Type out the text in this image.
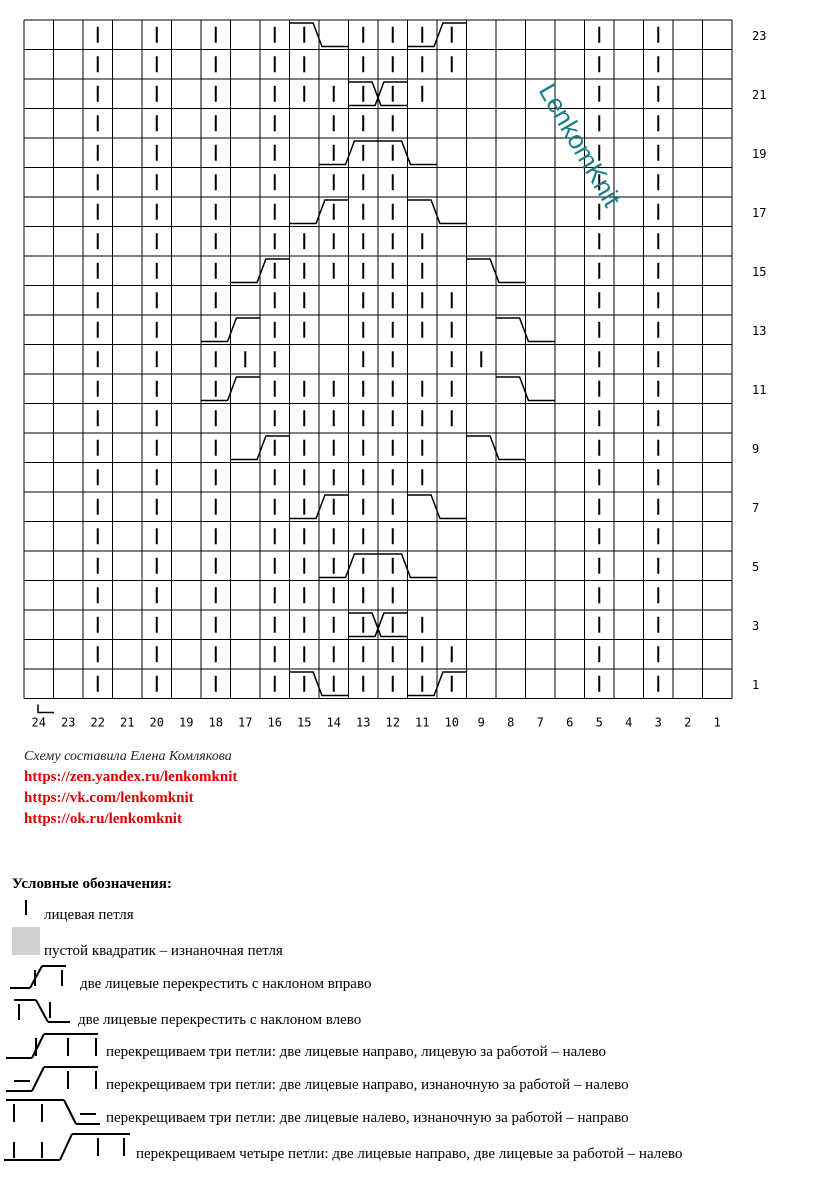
1
3
5
7
9
11
13
15
17
19
21
23
24 23 22 21 20 19 18 17 16 15 14 13 12 11 10 9 8 7 6 5 4 3 2 1
LenkomKnit
Схему составила Елена Комлякова
https://zen.yandex.ru/lenkomknit
https://vk.com/lenkomknit
https://ok.ru/lenkomknit
Условные обозначения:
лицевая петля
пустой квадратик – изнаночная петля
две лицевые перекрестить с наклоном вправо
две лицевые перекрестить с наклоном влево
перекрещиваем три петли: две лицевые направо, лицевую за работой – налево
перекрещиваем три петли: две лицевые направо, изнаночную за работой – налево
перекрещиваем три петли: две лицевые налево, изнаночную за работой – направо
перекрещиваем четыре петли: две лицевые направо, две лицевые за работой – налево
